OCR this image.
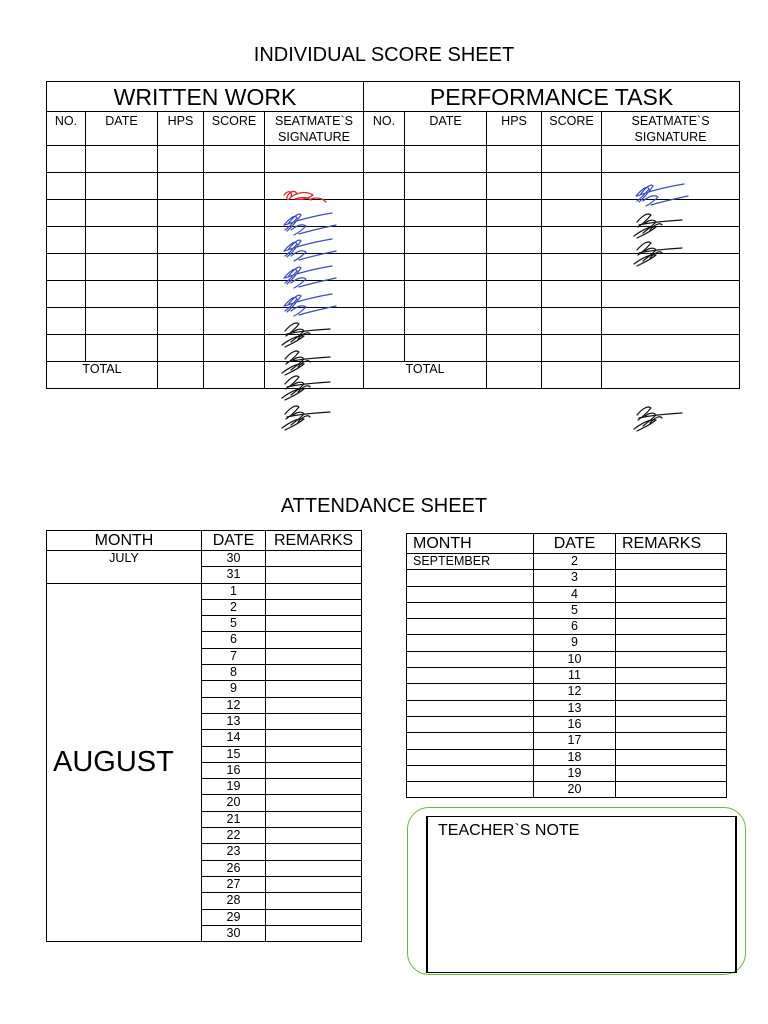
INDIVIDUAL SCORE SHEET
WRITTEN WORK					PERFORMANCE TASK				
NO.	DATE	HPS	SCORE	SEATMATE`S SIGNATURE	NO.	DATE	HPS	SCORE	SEATMATE`S SIGNATURE

TOTAL					TOTAL				
ATTENDANCE SHEET
MONTH	DATE	REMARKS
JULY	30	
	31	
AUGUST	1	
	2	
	5	
	6	
	7	
	8	
	9	
	12	
	13	
	14	
	15	
	16	
	19	
	20	
	21	
	22	
	23	
	26	
	27	
	28	
	29	
	30	
MONTH	DATE	REMARKS
SEPTEMBER	2	
	3	
	4	
	5	
	6	
	9	
	10	
	11	
	12	
	13	
	16	
	17	
	18	
	19	
	20	
TEACHER`S NOTE
